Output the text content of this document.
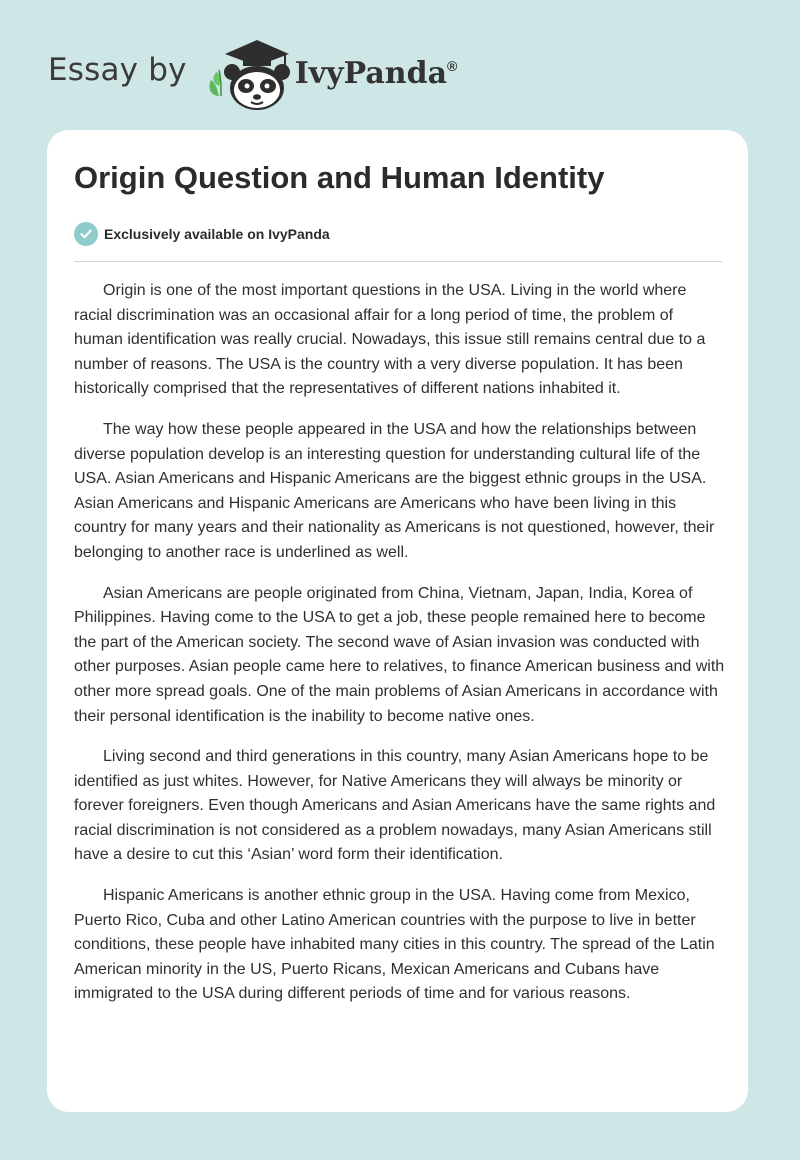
Essay by	IvyPanda®
Origin Question and Human Identity
Exclusively available on IvyPanda

Origin is one of the most important questions in the USA. Living in the world where racial discrimination was an occasional affair for a long period of time, the problem of human identification was really crucial. Nowadays, this issue still remains central due to a number of reasons. The USA is the country with a very diverse population. It has been historically comprised that the representatives of different nations inhabited it.

The way how these people appeared in the USA and how the relationships between diverse population develop is an interesting question for understanding cultural life of the USA. Asian Americans and Hispanic Americans are the biggest ethnic groups in the USA. Asian Americans and Hispanic Americans are Americans who have been living in this country for many years and their nationality as Americans is not questioned, however, their belonging to another race is underlined as well.

Asian Americans are people originated from China, Vietnam, Japan, India, Korea of Philippines. Having come to the USA to get a job, these people remained here to become the part of the American society. The second wave of Asian invasion was conducted with other purposes. Asian people came here to relatives, to finance American business and with other more spread goals. One of the main problems of Asian Americans in accordance with their personal identification is the inability to become native ones.

Living second and third generations in this country, many Asian Americans hope to be identified as just whites. However, for Native Americans they will always be minority or forever foreigners. Even though Americans and Asian Americans have the same rights and racial discrimination is not considered as a problem nowadays, many Asian Americans still have a desire to cut this ‘Asian’ word form their identification.

Hispanic Americans is another ethnic group in the USA. Having come from Mexico, Puerto Rico, Cuba and other Latino American countries with the purpose to live in better conditions, these people have inhabited many cities in this country. The spread of the Latin American minority in the US, Puerto Ricans, Mexican Americans and Cubans have immigrated to the USA during different periods of time and for various reasons.
